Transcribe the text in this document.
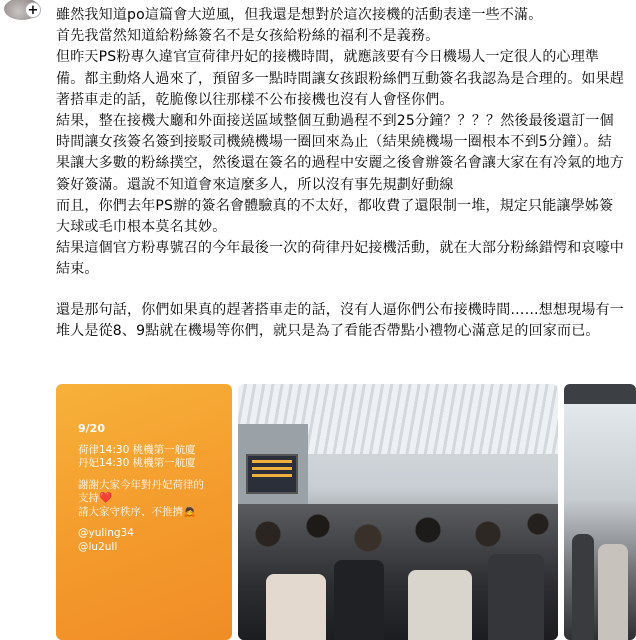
+ 雖然我知道po這篇會大逆風，但我還是想對於這次接機的活動表達一些不滿。

首先我當然知道給粉絲簽名不是女孩給粉絲的福利不是義務。

但昨天PS粉專久違官宣荷律丹妃的接機時間，就應該要有今日機場人一定很人的心理準備。都主動烙人過來了，預留多一點時間讓女孩跟粉絲們互動簽名我認為是合理的。如果趕著搭車走的話，乾脆像以往那樣不公布接機也沒有人會怪你們。

結果，整在接機大廳和外面接送區域整個互動過程不到25分鐘？？？？然後最後還訂一個時間讓女孩簽名簽到接駁司機繞機場一圈回來為止（結果繞機場一圈根本不到5分鐘）。結果讓大多數的粉絲撲空，然後還在簽名的過程中安麗之後會辦簽名會讓大家在有冷氣的地方簽好簽滿。還說不知道會來這麼多人，所以沒有事先規劃好動線

而且，你們去年PS辦的簽名會體驗真的不太好，都收費了還限制一堆，規定只能讓學姊簽大球或毛巾根本莫名其妙。

結果這個官方粉專號召的今年最後一次的荷律丹妃接機活動，就在大部分粉絲錯愕和哀嚎中結束。

還是那句話，你們如果真的趕著搭車走的話，沒有人逼你們公布接機時間……想想現場有一堆人是從8、9點就在機場等你們，就只是為了看能否帶點小禮物心滿意足的回家而已。

9/20
荷律14:30 桃機第一航廈
丹妃14:30 桃機第一航廈
謝謝大家今年對丹妃荷律的
支持❤️
請大家守秩序、不推擠🙇
@yuling34
@lu2ull
